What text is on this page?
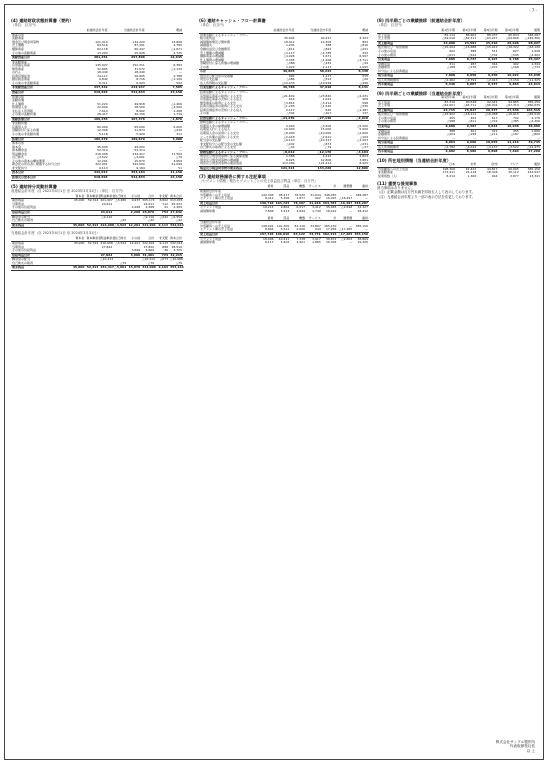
- 7 -
(4) 連結財政状態計算書（要約）
（単位：百万円）
	前連結会計年度	当連結会計年度	増減
資産の部			
流動資産			
現金及び現金同等物	121,414	134,220	12,806
売上債権	84,516	87,301	2,785
棚卸資産	62,118	60,447	△1,671
その他の流動資産	13,203	15,928	2,725
流動資産合計	281,251	297,896	16,645
非流動資産			
有形固定資産	145,927	152,311	6,384
無形資産	32,805	31,672	△1,133
のれん	18,440	18,440	—
投資有価証券	24,117	26,905	2,788
繰延税金資産	9,842	8,716	△1,126
その他の非流動資産	6,311	6,903	592
非流動資産合計	237,442	244,947	7,505
資産合計	518,693	542,843	24,150
負債の部			
流動負債			
仕入債務	51,224	49,818	△1,406
短期借入金	22,000	18,500	△3,500
未払法人所得税	7,614	8,902	1,288
その他の流動負債	28,417	30,156	1,739
流動負債合計	109,255	107,376	△1,879
非流動負債			
長期借入金	60,000	65,000	5,000
退職給付に係る負債	12,306	11,874	△432
その他の非流動負債	5,118	5,429	311
負債合計	186,679	189,679	3,000
資本の部			
資本金	45,000	45,000	—
資本剰余金	52,314	52,314	—
利益剰余金	216,908	234,417	17,509
自己株式	△3,522	△3,601	△79
その他の資本の構成要素	12,201	15,870	3,669
親会社の所有者に帰属する持分合計	322,901	344,000	21,099
非支配持分	9,113	9,164	51
資本合計	332,014	353,164	21,150
負債及び資本合計	518,693	542,843	24,150
(5) 連結持分変動計算書
前連結会計年度（自 2022年4月1日 至 2023年3月31日）（単位：百万円）
	資本金	資本剰余金	利益剰余金	自己株式	その他	合計	非支配	資本合計
期首残高	45,000	52,314	201,407	△3,480	9,933	305,174	8,802	313,976
当期利益			24,611			24,611	712	25,323
その他の包括利益					2,268	2,268	41	2,309
包括利益合計			24,611		2,268	26,879	753	27,632
剰余金の配当			△9,110			△9,110	△442	△9,552
自己株式の取得				△42		△42		△42
期末残高	45,000	52,314	216,908	△3,522	12,201	322,901	9,113	332,014
当連結会計年度（自 2023年4月1日 至 2024年3月31日）
	資本金	資本剰余金	利益剰余金	自己株式	その他	合計	非支配	資本合計
期首残高	45,000	52,314	216,908	△3,522	12,201	322,901	9,113	332,014
当期利益			27,822			27,822	688	28,510
その他の包括利益					3,669	3,669	36	3,705
包括利益合計			27,822		3,669	31,491	724	32,215
剰余金の配当			△10,313			△10,313	△673	△10,986
自己株式の取得				△79		△79		△79
期末残高	45,000	52,314	234,417	△3,601	15,870	344,000	9,164	353,164
(6) 連結キャッシュ・フロー計算書
（単位：百万円）
	前連結会計年度	当連結会計年度	増減
営業活動によるキャッシュ・フロー			
税引前利益	35,904	40,227	4,323
減価償却費及び償却費	18,412	19,305	893
減損損失	1,204	388	△816
金融収益及び金融費用	△611	△842	△231
売上債権の増減額	△3,117	△2,785	332
棚卸資産の増減額	△4,926	1,671	6,597
仕入債務の増減額	2,305	△1,406	△3,711
退職給付に係る負債の増減額	△388	△432	△44
その他	1,022	2,117	1,095
小計	49,805	58,243	8,438
利息及び配当金の受取額	902	1,117	215
利息の支払額	△486	△512	△26
法人所得税の支払額	△10,433	△10,929	△496
営業活動によるキャッシュ・フロー	39,788	47,919	8,131
投資活動によるキャッシュ・フロー			
有形固定資産の取得による支出	△21,609	△23,840	△2,231
有形固定資産の売却による収入	614	1,022	408
無形資産の取得による支出	△3,812	△3,214	598
投資有価証券の取得による支出	△1,205	△1,540	△335
投資有価証券の売却による収入	2,117	630	△1,487
その他	△344	△207	137
投資活動によるキャッシュ・フロー	△24,239	△27,149	△2,910
財務活動によるキャッシュ・フロー			
短期借入金の純増減額	2,000	△3,500	△5,500
長期借入れによる収入	10,000	15,000	5,000
長期借入金の返済による支出	△8,000	△10,000	△2,000
リース負債の返済による支出	△2,418	△2,611	△193
配当金の支払額	△9,110	△10,313	△1,203
非支配持分への配当金の支払額	△442	△673	△231
自己株式の取得による支出	△42	△79	△37
財務活動によるキャッシュ・フロー	△8,012	△12,176	△4,164
現金及び現金同等物に係る換算差額	1,388	4,212	2,824
現金及び現金同等物の増減額	8,925	12,806	3,881
現金及び現金同等物の期首残高	112,489	121,414	8,925
現金及び現金同等物の期末残高	121,414	134,220	12,806
(7) 連結財務諸表に関する注記事項
（セグメント情報）報告セグメントごとの売上収益及び利益（単位：百万円）
	素材	部品	機器	サービス	計	調整額	連結
前連結会計年度							
外部顧客への売上収益	142,306	98,417	76,520	31,044	348,287	—	348,287
セグメント間の売上収益	8,412	5,306	1,877	902	16,497	△16,497	—
売上収益合計	150,718	103,723	78,397	31,946	364,784	△16,497	348,287
セグメント利益	16,214	9,802	6,517	3,412	35,945	△2,618	33,327
減価償却費	7,806	5,213	3,644	1,749	18,412	—	18,412
	素材	部品	機器	サービス	計	調整額	連結
当連結会計年度							
外部顧客への売上収益	148,922	101,305	81,116	33,807	365,150	—	365,150
セグメント間の売上収益	8,804	5,511	2,006	944	17,265	△17,265	—
売上収益合計	157,726	106,816	83,122	34,751	382,415	△17,265	365,150
セグメント利益	18,006	10,411	7,338	3,917	39,672	△2,803	36,869
減価償却費	8,117	5,402	3,901	1,885	19,305	—	19,305
(8) 四半期ごとの業績推移（前連結会計年度）
（単位：百万円）
	第1四半期	第2四半期	第3四半期	第4四半期	通期
売上収益	82,114	86,902	88,437	90,834	348,287
売上原価	△59,016	△62,311	△63,227	△64,806	△249,360
売上総利益	23,098	24,591	25,210	26,028	98,927
販売費及び一般管理費	△15,204	△15,688	△15,912	△16,322	△63,126
その他の収益	402	388	511	627	1,928
その他の費用	△611	△544	△702	△545	△2,402
営業利益	7,685	8,747	9,107	9,788	35,327
金融収益	311	287	344	402	1,344
金融費用	△188	△176	△201	△168	△733
持分法による投資損益	—	—	—	—	—
税引前利益	7,808	8,858	9,250	10,022	35,938
法人所得税費用	△2,462	△2,791	△2,913	△3,159	△11,325
四半期利益	5,346	6,067	6,337	6,863	24,613
(9) 四半期ごとの業績推移（当連結会計年度）
	第1四半期	第2四半期	第3四半期	第4四半期	通期
売上収益	87,316	90,528	92,441	94,865	365,150
売上原価	△62,601	△64,711	△66,004	△67,319	△260,635
売上総利益	24,715	25,817	26,437	27,546	104,515
販売費及び一般管理費	△15,902	△16,211	△16,488	△16,915	△65,516
その他の収益	455	402	617	702	2,176
その他の費用	△588	△611	△722	△385	△2,306
営業利益	8,680	9,397	9,844	10,948	38,869
金融収益	388	401	422	455	1,666
金融費用	△204	△198	△211	△187	△800
持分法による投資損益	—	—	—	—	—
税引前利益	8,864	9,600	10,055	11,216	39,735
法人所得税費用	△2,782	△3,014	△3,157	△3,522	△12,475
四半期利益	6,082	6,586	6,898	7,694	27,260
(10) 所在地別情報（当連結会計年度）
	日本	米州	欧州	アジア	連結
外部顧客への売上収益	198,306	61,422	44,817	60,605	365,150
非流動資産	172,411	24,118	18,306	30,112	244,947
従業員数（人）	8,214	1,306	944	2,877	13,341
(11) 重要な後発事象
該当事項はありません。
（注）記載金額は百万円未満を四捨五入して表示しております。
（注）当連結会計年度より一部の表示方法を変更しております。
株式会社サンプル製作所
代表取締役社長
以 上
